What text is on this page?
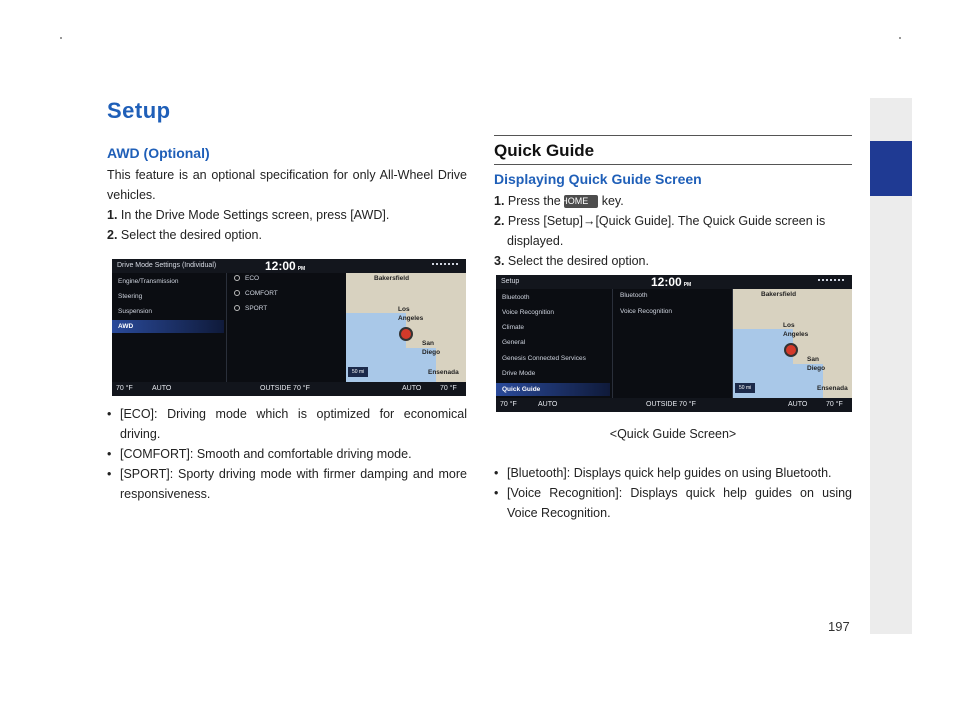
Setup
AWD (Optional)
This feature is an optional specification for only All-Wheel Drive vehicles.
1. In the Drive Mode Settings screen, press [AWD].
2. Select the desired option.
Drive Mode Settings (Individual)	12:00 PM
Engine/Transmission
Steering
Suspension
AWD
ECO
COMFORT
SPORT
Bakersfield
Los Angeles
San Diego
Ensenada
50 mi
70 °F	AUTO	OUTSIDE 70 °F	AUTO	70 °F
• [ECO]: Driving mode which is optimized for economical driving.
• [COMFORT]: Smooth and comfortable driving mode.
• [SPORT]: Sporty driving mode with firmer damping and more responsiveness.
Quick Guide
Displaying Quick Guide Screen
1. Press the HOME key.
2. Press [Setup]→[Quick Guide]. The Quick Guide screen is displayed.
3. Select the desired option.
Setup	12:00 PM
Bluetooth
Voice Recognition
Climate
General
Genesis Connected Services
Drive Mode
Quick Guide
Bluetooth
Voice Recognition
Bakersfield
Los Angeles
San Diego
Ensenada
50 mi
70 °F	AUTO	OUTSIDE 70 °F	AUTO	70 °F
<Quick Guide Screen>
• [Bluetooth]: Displays quick help guides on using Bluetooth.
• [Voice Recognition]: Displays quick help guides on using Voice Recognition.
197
